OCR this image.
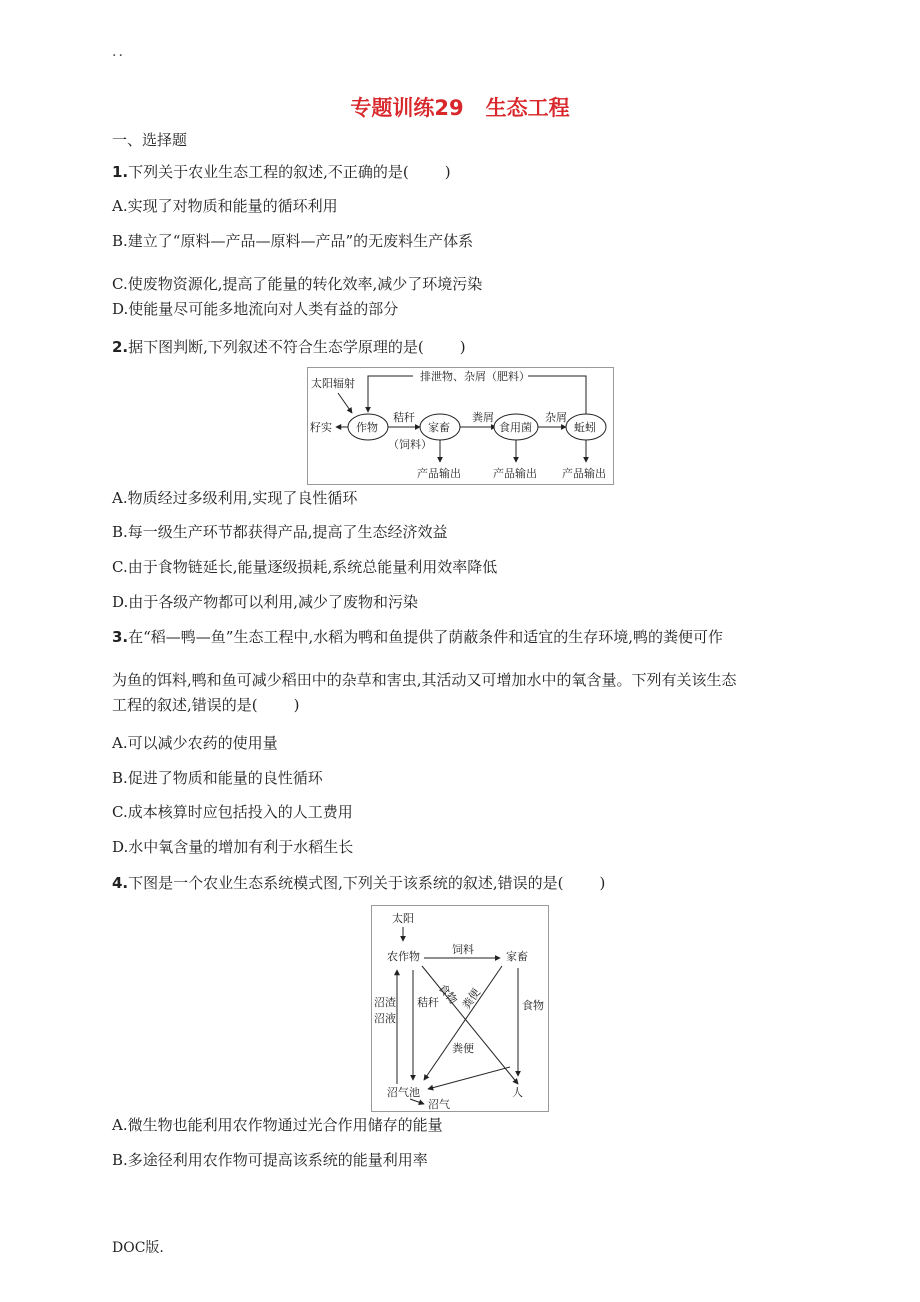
..
专题训练29 生态工程
一、选择题
1.下列关于农业生态工程的叙述,不正确的是( )
A.实现了对物质和能量的循环利用
B.建立了“原料—产品—原料—产品”的无废料生产体系
C.使废物资源化,提高了能量的转化效率,减少了环境污染
D.使能量尽可能多地流向对人类有益的部分
2.据下图判断,下列叙述不符合生态学原理的是( )
太阳辐射
排泄物、杂屑（肥料）
作物
籽实
秸秆
（饲料）
家畜
粪屑
食用菌
杂屑
蚯蚓
产品输出	产品输出 产品输出
A.物质经过多级利用,实现了良性循环
B.每一级生产环节都获得产品,提高了生态经济效益
C.由于食物链延长,能量逐级损耗,系统总能量利用效率降低
D.由于各级产物都可以利用,减少了废物和污染
3.在“稻—鸭—鱼”生态工程中,水稻为鸭和鱼提供了荫蔽条件和适宜的生存环境,鸭的粪便可作
为鱼的饵料,鸭和鱼可减少稻田中的杂草和害虫,其活动又可增加水中的氧含量。下列有关该生态
工程的叙述,错误的是( )
A.可以减少农药的使用量
B.促进了物质和能量的良性循环
C.成本核算时应包括投入的人工费用
D.水中氧含量的增加有利于水稻生长
4.下图是一个农业生态系统模式图,下列关于该系统的叙述,错误的是( )
太阳
农作物
饲料
家畜
食物 粪便
沼渣
沼液
秸秆	食物
粪便
沼气池	人
沼气
A.微生物也能利用农作物通过光合作用储存的能量
B.多途径利用农作物可提高该系统的能量利用率
DOC版.
